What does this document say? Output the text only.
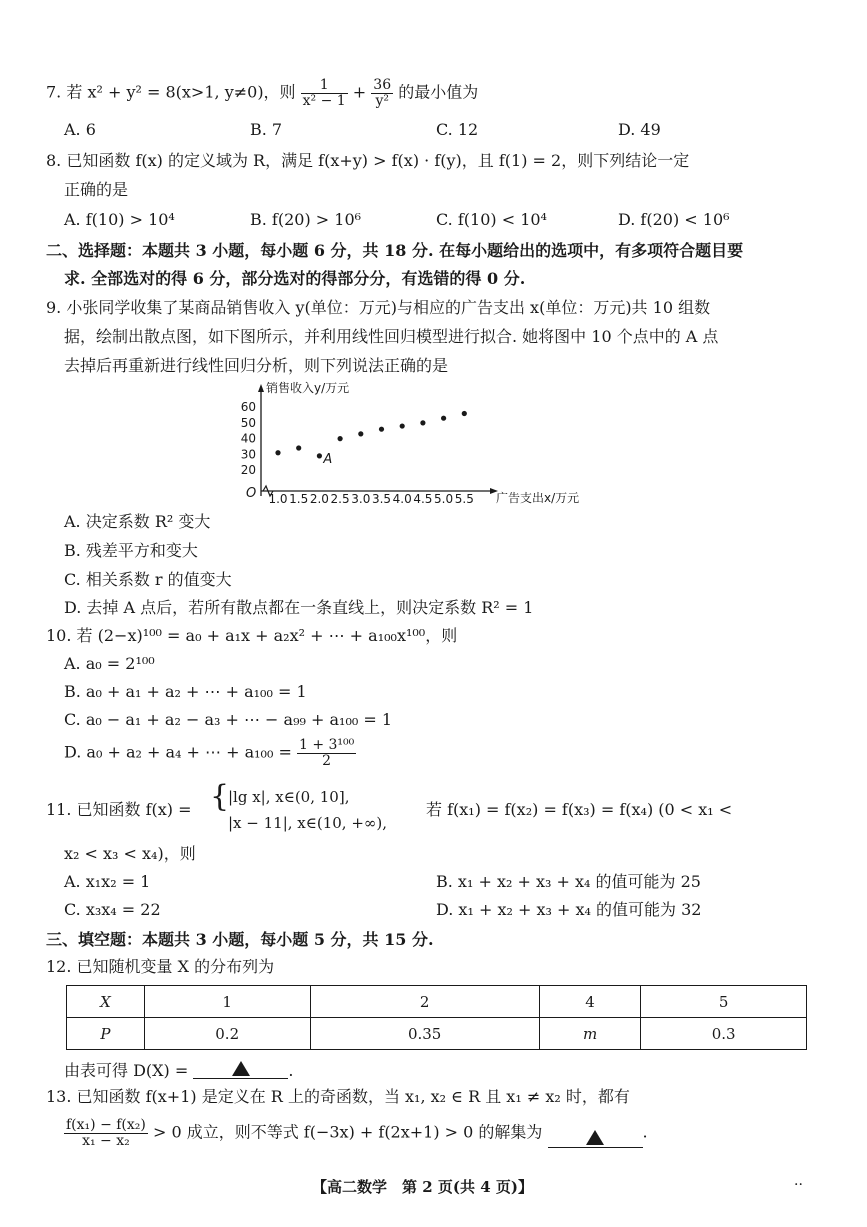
7. 若 x² + y² = 8(x>1, y≠0)，则 $\frac{1}{\text{x² − 1}} + \frac{36}{\text{y²}}$ 的最小值为
A. 6	B. 7	C. 12	D. 49
8. 已知函数 f(x) 的定义域为 R，满足 f(x+y) > f(x) · f(y)，且 f(1) = 2，则下列结论一定
正确的是
A. f(10) > 10⁴	B. f(20) > 10⁶	C. f(10) < 10⁴	D. f(20) < 10⁶
二、选择题：本题共 3 小题，每小题 6 分，共 18 分. 在每小题给出的选项中，有多项符合题目要
求. 全部选对的得 6 分，部分选对的得部分分，有选错的得 0 分.
9. 小张同学收集了某商品销售收入 y(单位：万元)与相应的广告支出 x(单位：万元)共 10 组数
据，绘制出散点图，如下图所示，并利用线性回归模型进行拟合. 她将图中 10 个点中的 A 点
去掉后再重新进行线性回归分析，则下列说法正确的是
销售收入y/万元
广告支出x/万元
O 1.0 1.5 2.0 2.5 3.0 3.5 4.0 4.5 5.0 5.5
20
30
40
50
60
A
A. 决定系数 R² 变大
B. 残差平方和变大
C. 相关系数 r 的值变大
D. 去掉 A 点后，若所有散点都在一条直线上，则决定系数 R² = 1
10. 若 (2−x)¹⁰⁰ = a₀ + a₁x + a₂x² + ⋯ + a₁₀₀x¹⁰⁰，则
A. a₀ = 2¹⁰⁰
B. a₀ + a₁ + a₂ + ⋯ + a₁₀₀ = 1
C. a₀ − a₁ + a₂ − a₃ + ⋯ − a₉₉ + a₁₀₀ = 1
D. a₀ + a₂ + a₄ + ⋯ + $a_{100} = \frac{\text{1 + 3¹⁰⁰}}{2}$
11. 已知函数 f(x) = {
|lg x|, x∈(0, 10],
|x − 11|, x∈(10, +∞),
若 f(x₁) = f(x₂) = f(x₃) = f(x₄) (0 < x₁ <
x₂ < x₃ < x₄)，则
A. x₁x₂ = 1	B. x₁ + x₂ + x₃ + x₄ 的值可能为 25
C. x₃x₄ = 22	D. x₁ + x₂ + x₃ + x₄ 的值可能为 32
三、填空题：本题共 3 小题，每小题 5 分，共 15 分.
12. 已知随机变量 X 的分布列为
X	1	2	4	5
P	0.2	0.35	m	0.3
由表可得 D(X) =	.
13. 已知函数 f(x+1) 是定义在 R 上的奇函数，当 x₁, x₂ ∈ R 且 x₁ ≠ x₂ 时，都有
$\frac{\text{f(x₁) − f(x₂)}}{\text{x₁ − x₂}} > 0$ 成立，则不等式 f(−3x) + f(2x+1) > 0 的解集为	.
【高二数学　第 2 页(共 4 页)】	··
